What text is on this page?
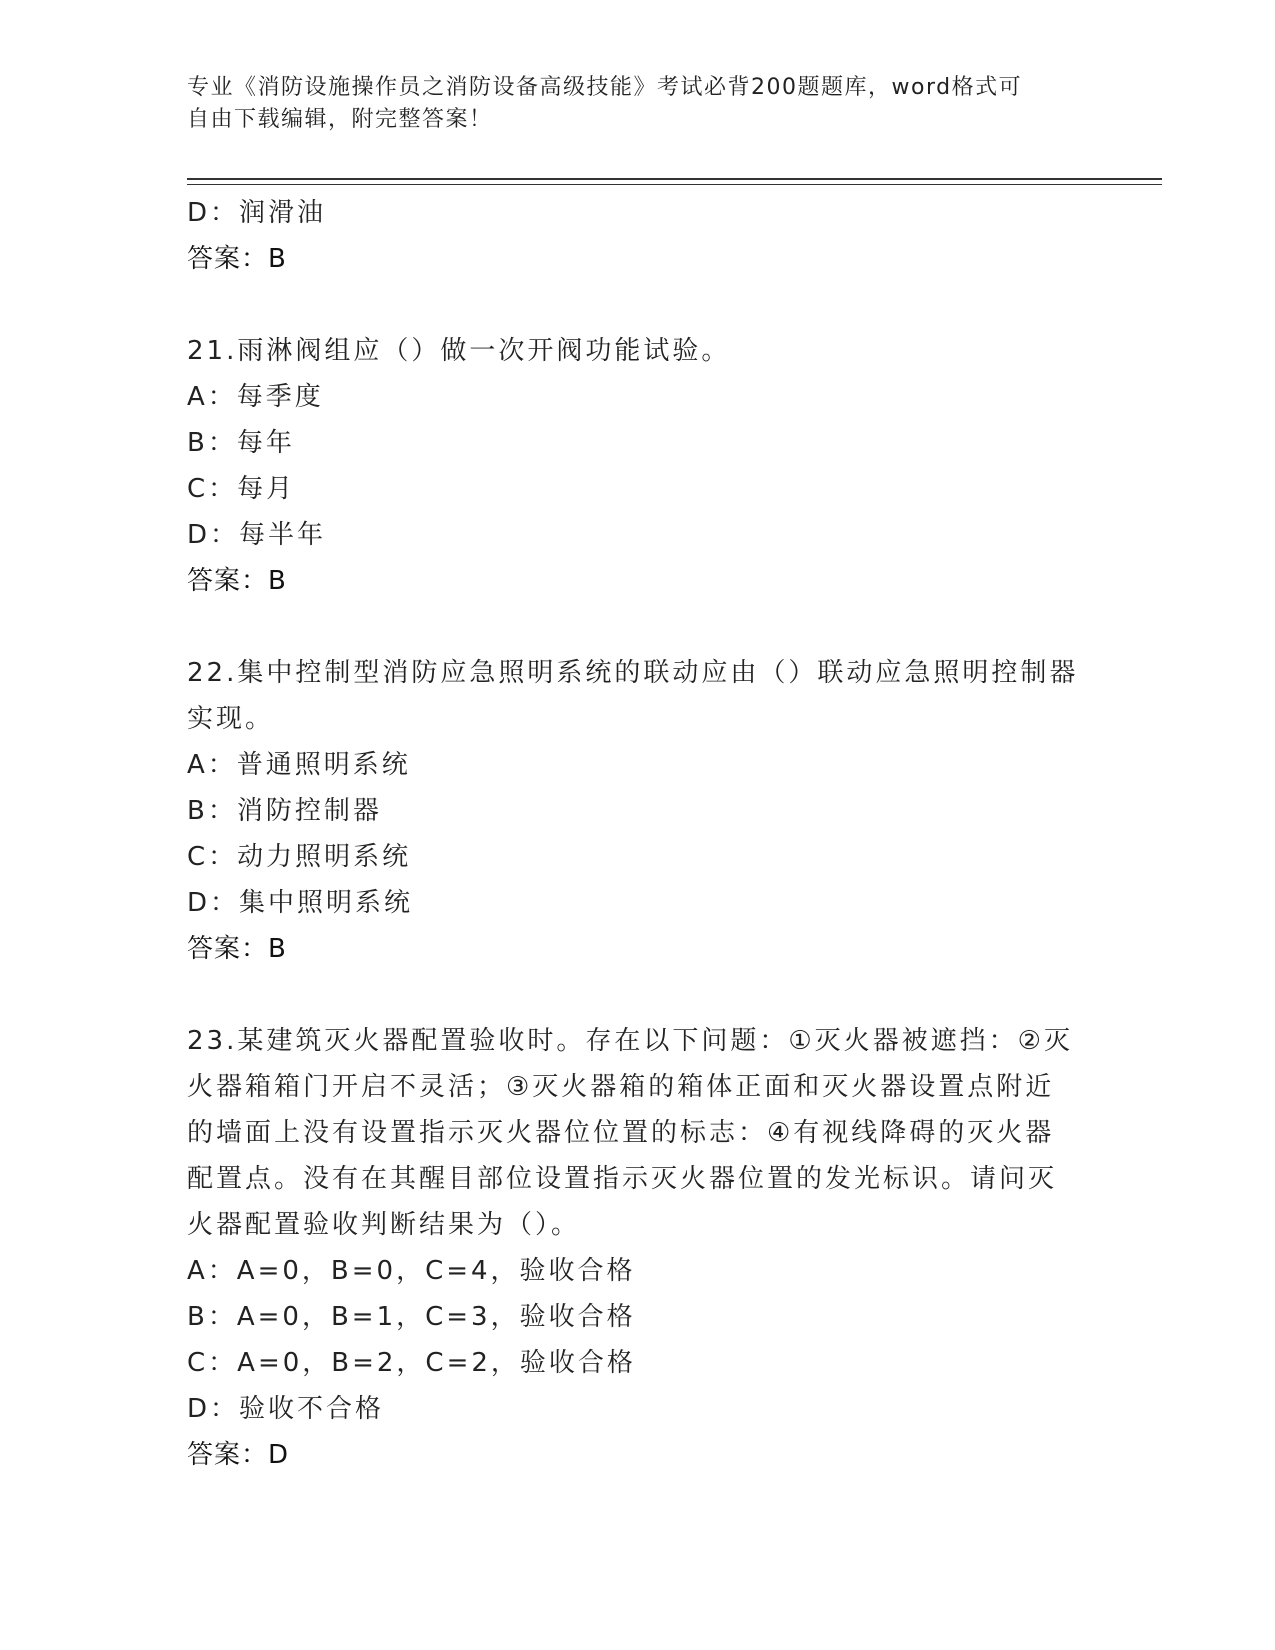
专业《消防设施操作员之消防设备高级技能》考试必背200题题库，word格式可
自由下载编辑，附完整答案！
D：润滑油
答案：B
21.雨淋阀组应（）做一次开阀功能试验。
A：每季度
B：每年
C：每月
D：每半年
答案：B
22.集中控制型消防应急照明系统的联动应由（）联动应急照明控制器
实现。
A：普通照明系统
B：消防控制器
C：动力照明系统
D：集中照明系统
答案：B
23.某建筑灭火器配置验收时。存在以下问题：①灭火器被遮挡：②灭
火器箱箱门开启不灵活；③灭火器箱的箱体正面和灭火器设置点附近
的墙面上没有设置指示灭火器位位置的标志：④有视线降碍的灭火器
配置点。没有在其醒目部位设置指示灭火器位置的发光标识。请问灭
火器配置验收判断结果为（）。
A：A=0，B=0，C=4，验收合格
B：A=0，B=1，C=3，验收合格
C：A=0，B=2，C=2，验收合格
D：验收不合格
答案：D
